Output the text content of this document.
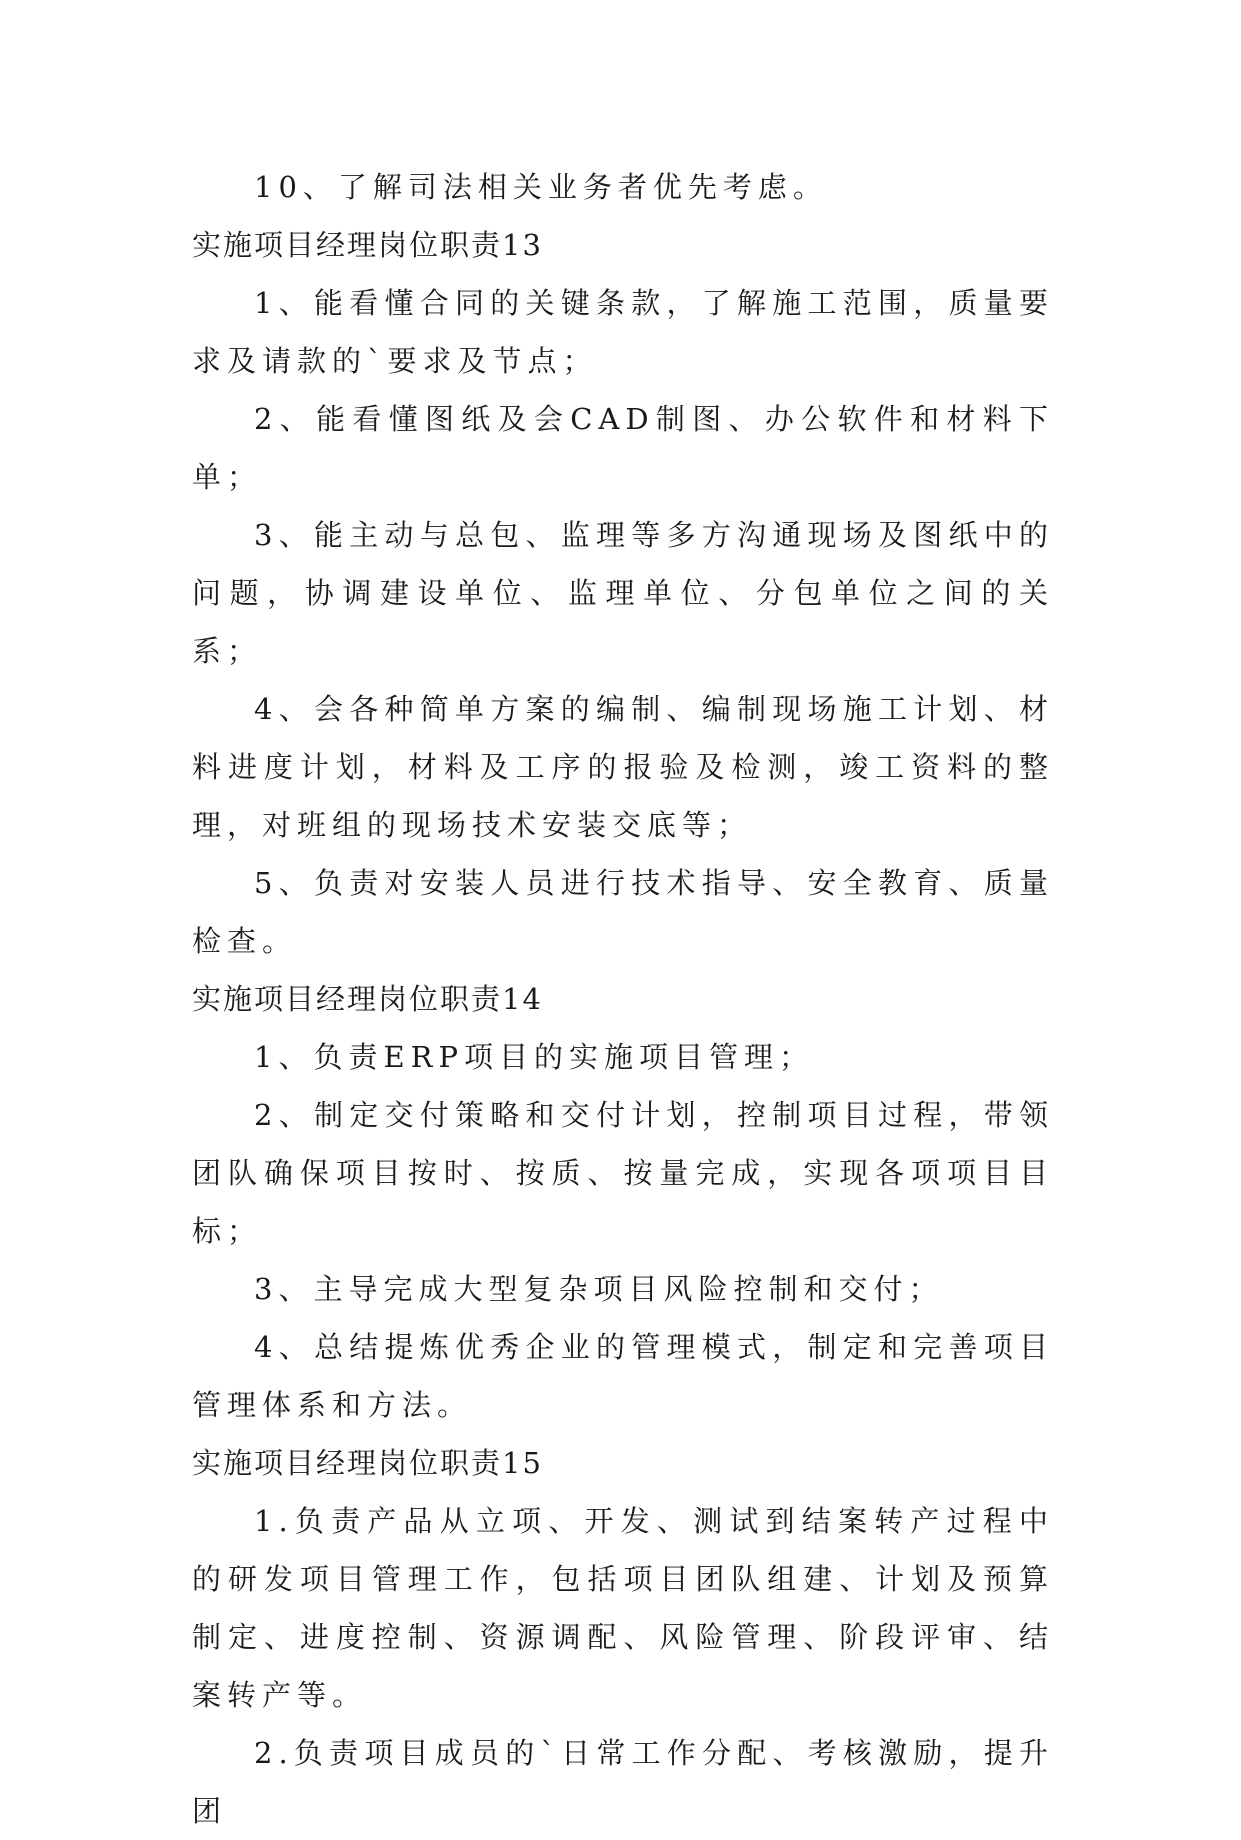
10、了解司法相关业务者优先考虑。

实施项目经理岗位职责13

1、能看懂合同的关键条款，了解施工范围，质量要求及请款的`要求及节点；

2、能看懂图纸及会CAD制图、办公软件和材料下单；

3、能主动与总包、监理等多方沟通现场及图纸中的问题，协调建设单位、监理单位、分包单位之间的关系；

4、会各种简单方案的编制、编制现场施工计划、材料进度计划，材料及工序的报验及检测，竣工资料的整理，对班组的现场技术安装交底等；

5、负责对安装人员进行技术指导、安全教育、质量检查。

实施项目经理岗位职责14

1、负责ERP项目的实施项目管理；

2、制定交付策略和交付计划，控制项目过程，带领团队确保项目按时、按质、按量完成，实现各项项目目标；

3、主导完成大型复杂项目风险控制和交付；

4、总结提炼优秀企业的管理模式，制定和完善项目管理体系和方法。

实施项目经理岗位职责15

1.负责产品从立项、开发、测试到结案转产过程中的研发项目管理工作，包括项目团队组建、计划及预算制定、进度控制、资源调配、风险管理、阶段评审、结案转产等。

2.负责项目成员的`日常工作分配、考核激励，提升团
